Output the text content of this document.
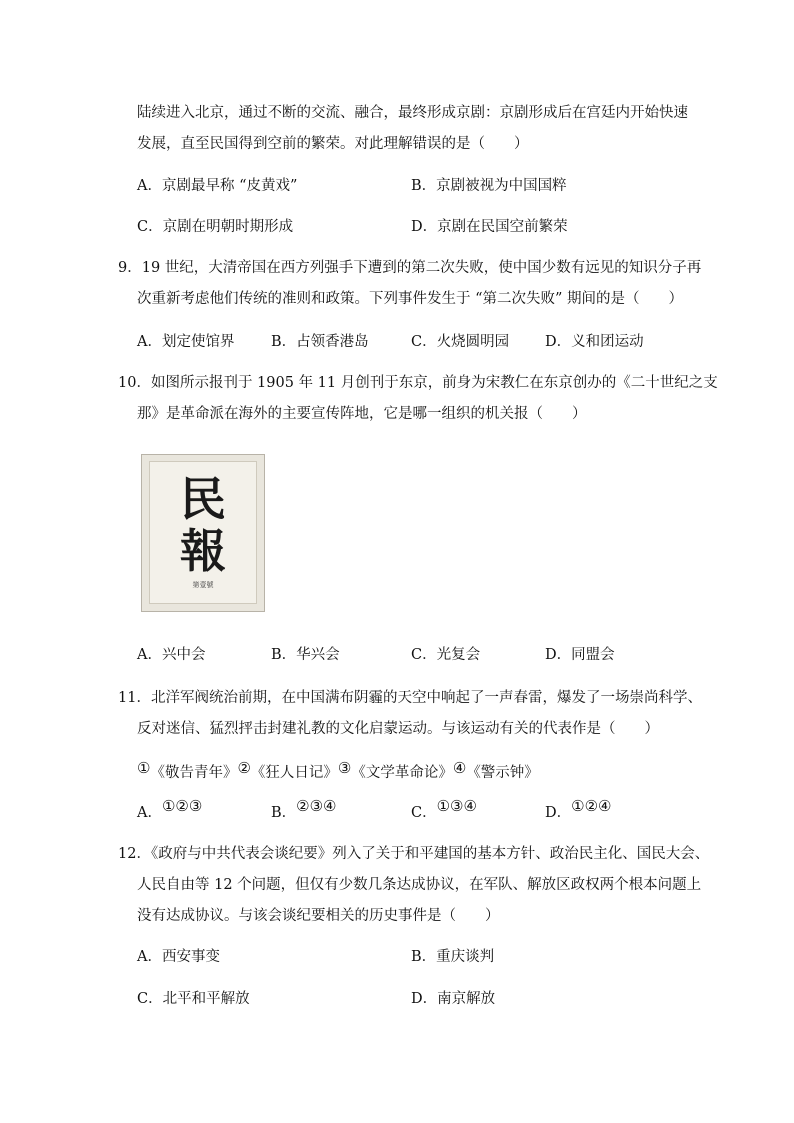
陆续进入北京，通过不断的交流、融合，最终形成京剧：京剧形成后在宫廷内开始快速
发展，直至民国得到空前的繁荣。对此理解错误的是（　　）
A．京剧最早称 “皮黄戏”	B．京剧被视为中国国粹
C．京剧在明朝时期形成	D．京剧在民国空前繁荣
9．19 世纪，大清帝国在西方列强手下遭到的第二次失败，使中国少数有远见的知识分子再
次重新考虑他们传统的准则和政策。下列事件发生于 “第二次失败” 期间的是（　　）
A．划定使馆界	B．占领香港岛	C．火烧圆明园 D．义和团运动
10．如图所示报刊于 1905 年 11 月创刊于东京，前身为宋教仁在东京创办的《二十世纪之支
那》是革命派在海外的主要宣传阵地，它是哪一组织的机关报（　　）
民
報
第壹號
A．兴中会	B．华兴会	C．光复会	D．同盟会
11．北洋军阀统治前期，在中国满布阴霾的天空中响起了一声春雷，爆发了一场崇尚科学、
反对迷信、猛烈抨击封建礼教的文化启蒙运动。与该运动有关的代表作是（　　）
①《敬告青年》②《狂人日记》③《文学革命论》④《警示钟》
A．①②③	B．②③④	C．①③④	D．①②④
12．《政府与中共代表会谈纪要》列入了关于和平建国的基本方针、政治民主化、国民大会、
人民自由等 12 个问题，但仅有少数几条达成协议，在军队、解放区政权两个根本问题上
没有达成协议。与该会谈纪要相关的历史事件是（　　）
A．西安事变	B．重庆谈判
C．北平和平解放	D．南京解放
